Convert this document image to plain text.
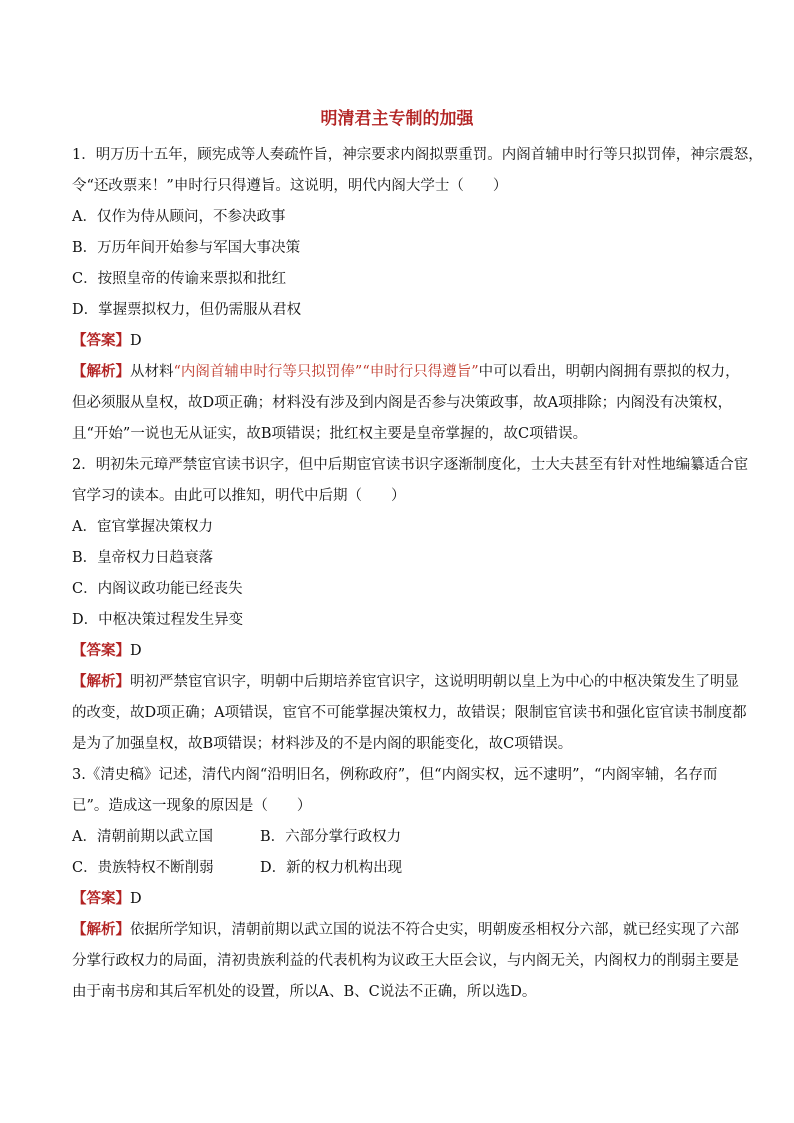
明清君主专制的加强
1．明万历十五年，顾宪成等人奏疏忤旨，神宗要求内阁拟票重罚。内阁首辅申时行等只拟罚俸，神宗震怒，
令“还改票来！”申时行只得遵旨。这说明，明代内阁大学士（　　）
A．仅作为侍从顾问，不参决政事
B．万历年间开始参与军国大事决策
C．按照皇帝的传谕来票拟和批红
D．掌握票拟权力，但仍需服从君权
【答案】D
【解析】从材料“内阁首辅申时行等只拟罚俸”“申时行只得遵旨”中可以看出，明朝内阁拥有票拟的权力，
但必须服从皇权，故D项正确；材料没有涉及到内阁是否参与决策政事，故A项排除；内阁没有决策权，
且“开始”一说也无从证实，故B项错误；批红权主要是皇帝掌握的，故C项错误。
2．明初朱元璋严禁宦官读书识字，但中后期宦官读书识字逐渐制度化，士大夫甚至有针对性地编纂适合宦
官学习的读本。由此可以推知，明代中后期（　　）
A．宦官掌握决策权力
B．皇帝权力日趋衰落
C．内阁议政功能已经丧失
D．中枢决策过程发生异变
【答案】D
【解析】明初严禁宦官识字，明朝中后期培养宦官识字，这说明明朝以皇上为中心的中枢决策发生了明显
的改变，故D项正确；A项错误，宦官不可能掌握决策权力，故错误；限制宦官读书和强化宦官读书制度都
是为了加强皇权，故B项错误；材料涉及的不是内阁的职能变化，故C项错误。
3.《清史稿》记述，清代内阁“沿明旧名，例称政府”，但“内阁实权，远不逮明”，“内阁宰辅，名存而
已”。造成这一现象的原因是（　　）
A．清朝前期以武立国	B．六部分掌行政权力
C．贵族特权不断削弱	D．新的权力机构出现
【答案】D
【解析】依据所学知识，清朝前期以武立国的说法不符合史实，明朝废丞相权分六部，就已经实现了六部
分掌行政权力的局面，清初贵族利益的代表机构为议政王大臣会议，与内阁无关，内阁权力的削弱主要是
由于南书房和其后军机处的设置，所以A、B、C说法不正确，所以选D。
